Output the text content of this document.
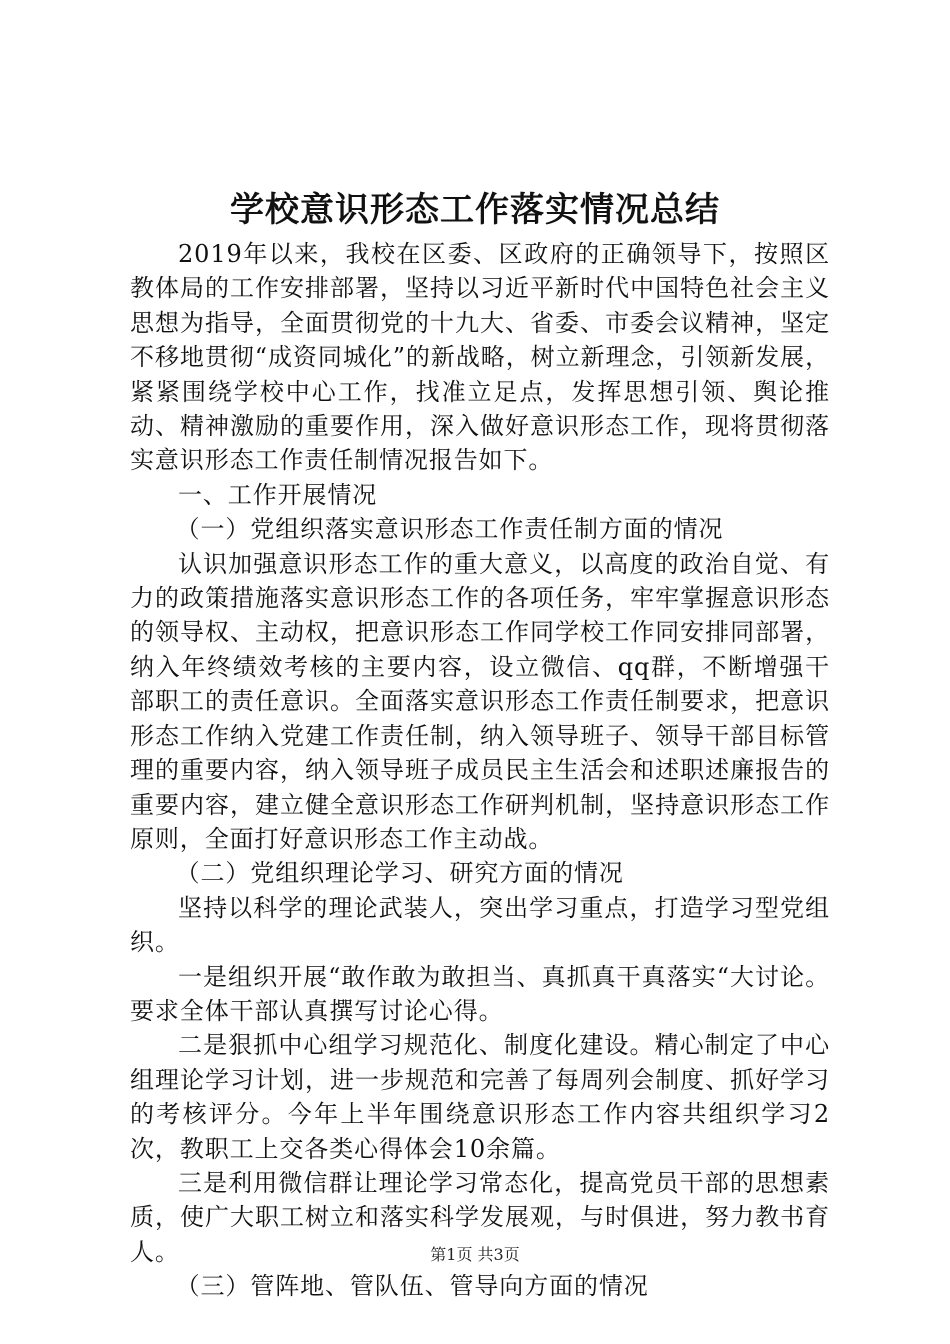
学校意识形态工作落实情况总结

2019年以来，我校在区委、区政府的正确领导下，按照区教体局的工作安排部署，坚持以习近平新时代中国特色社会主义思想为指导，全面贯彻党的十九大、省委、市委会议精神，坚定不移地贯彻“成资同城化”的新战略，树立新理念，引领新发展，紧紧围绕学校中心工作，找准立足点，发挥思想引领、舆论推动、精神激励的重要作用，深入做好意识形态工作，现将贯彻落实意识形态工作责任制情况报告如下。

一、工作开展情况

（一）党组织落实意识形态工作责任制方面的情况

认识加强意识形态工作的重大意义，以高度的政治自觉、有力的政策措施落实意识形态工作的各项任务，牢牢掌握意识形态的领导权、主动权，把意识形态工作同学校工作同安排同部署，纳入年终绩效考核的主要内容，设立微信、qq群，不断增强干部职工的责任意识。全面落实意识形态工作责任制要求，把意识形态工作纳入党建工作责任制，纳入领导班子、领导干部目标管理的重要内容，纳入领导班子成员民主生活会和述职述廉报告的重要内容，建立健全意识形态工作研判机制，坚持意识形态工作原则，全面打好意识形态工作主动战。

（二）党组织理论学习、研究方面的情况

坚持以科学的理论武装人，突出学习重点，打造学习型党组织。

一是组织开展“敢作敢为敢担当、真抓真干真落实“大讨论。要求全体干部认真撰写讨论心得。

二是狠抓中心组学习规范化、制度化建设。精心制定了中心组理论学习计划，进一步规范和完善了每周列会制度、抓好学习的考核评分。今年上半年围绕意识形态工作内容共组织学习2次，教职工上交各类心得体会10余篇。

三是利用微信群让理论学习常态化，提高党员干部的思想素质，使广大职工树立和落实科学发展观，与时俱进，努力教书育人。

（三）管阵地、管队伍、管导向方面的情况

第1页 共3页
